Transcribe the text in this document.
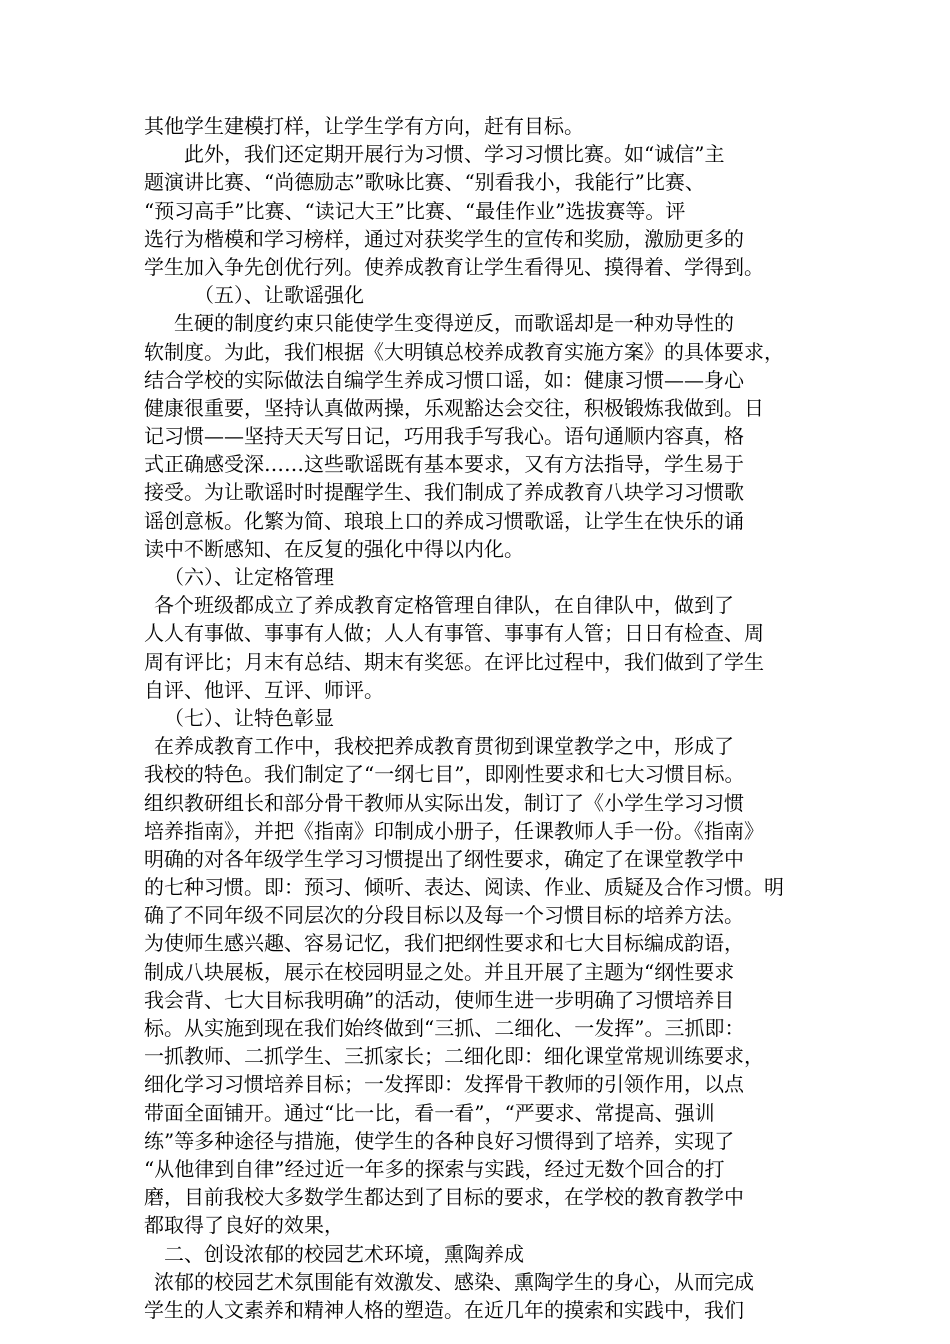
其他学生建模打样，让学生学有方向，赶有目标。
此外，我们还定期开展行为习惯、学习习惯比赛。如“诚信”主
题演讲比赛、“尚德励志”歌咏比赛、“别看我小，我能行”比赛、
“预习高手”比赛、“读记大王”比赛、“最佳作业”选拔赛等。评
选行为楷模和学习榜样，通过对获奖学生的宣传和奖励，激励更多的
学生加入争先创优行列。使养成教育让学生看得见、摸得着、学得到。
（五）、让歌谣强化
生硬的制度约束只能使学生变得逆反，而歌谣却是一种劝导性的
软制度。为此，我们根据《大明镇总校养成教育实施方案》的具体要求，
结合学校的实际做法自编学生养成习惯口谣，如：健康习惯——身心
健康很重要，坚持认真做两操，乐观豁达会交往，积极锻炼我做到。日
记习惯——坚持天天写日记，巧用我手写我心。语句通顺内容真，格
式正确感受深……这些歌谣既有基本要求，又有方法指导，学生易于
接受。为让歌谣时时提醒学生、我们制成了养成教育八块学习习惯歌
谣创意板。化繁为简、琅琅上口的养成习惯歌谣，让学生在快乐的诵
读中不断感知、在反复的强化中得以内化。
（六）、让定格管理
各个班级都成立了养成教育定格管理自律队，在自律队中，做到了
人人有事做、事事有人做；人人有事管、事事有人管；日日有检查、周
周有评比；月末有总结、期末有奖惩。在评比过程中，我们做到了学生
自评、他评、互评、师评。
（七）、让特色彰显
在养成教育工作中，我校把养成教育贯彻到课堂教学之中，形成了
我校的特色。我们制定了“一纲七目”，即刚性要求和七大习惯目标。
组织教研组长和部分骨干教师从实际出发，制订了《小学生学习习惯
培养指南》，并把《指南》印制成小册子，任课教师人手一份。《指南》
明确的对各年级学生学习习惯提出了纲性要求，确定了在课堂教学中
的七种习惯。即：预习、倾听、表达、阅读、作业、质疑及合作习惯。明
确了不同年级不同层次的分段目标以及每一个习惯目标的培养方法。
为使师生感兴趣、容易记忆，我们把纲性要求和七大目标编成韵语，
制成八块展板，展示在校园明显之处。并且开展了主题为“纲性要求
我会背、七大目标我明确”的活动，使师生进一步明确了习惯培养目
标。从实施到现在我们始终做到“三抓、二细化、一发挥”。三抓即：
一抓教师、二抓学生、三抓家长；二细化即：细化课堂常规训练要求，
细化学习习惯培养目标；一发挥即：发挥骨干教师的引领作用，以点
带面全面铺开。通过“比一比，看一看”，“严要求、常提高、强训
练”等多种途径与措施，使学生的各种良好习惯得到了培养，实现了
“从他律到自律”经过近一年多的探索与实践，经过无数个回合的打
磨，目前我校大多数学生都达到了目标的要求，在学校的教育教学中
都取得了良好的效果，
二、创设浓郁的校园艺术环境，熏陶养成
浓郁的校园艺术氛围能有效激发、感染、熏陶学生的身心，从而完成
学生的人文素养和精神人格的塑造。在近几年的摸索和实践中，我们
